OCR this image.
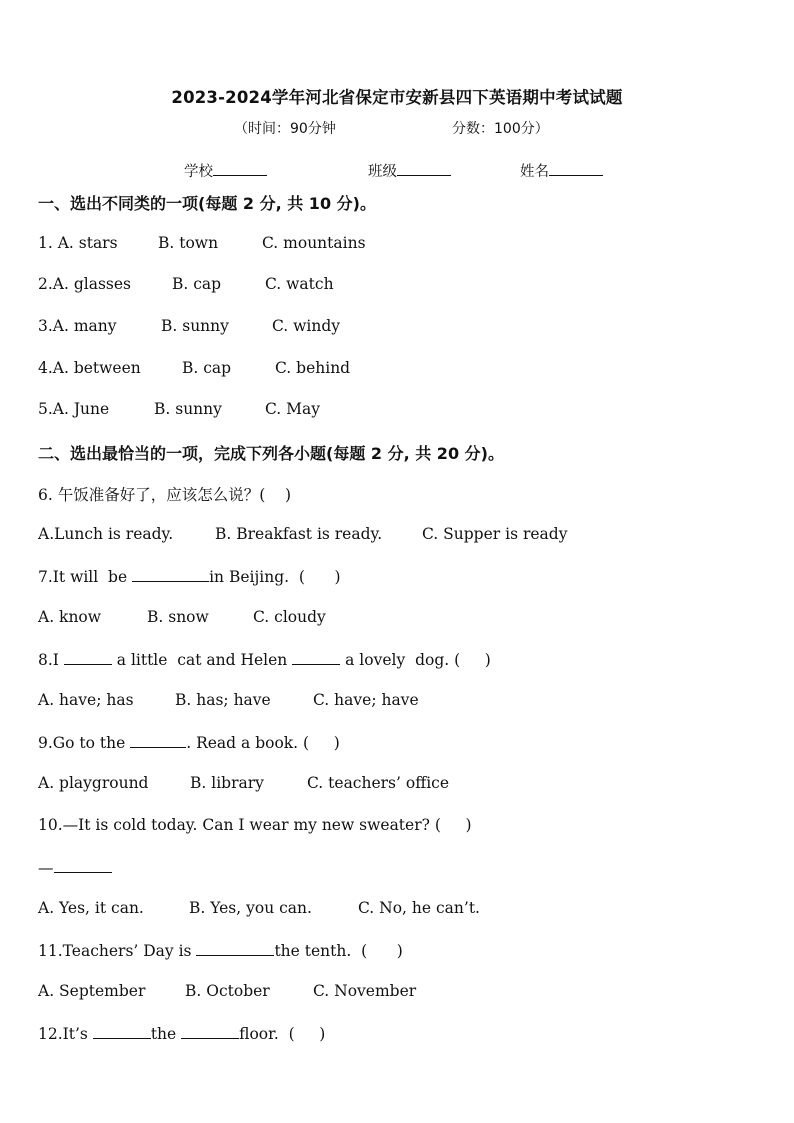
2023-2024学年河北省保定市安新县四下英语期中考试试题
（时间：90分钟	分数：100分）
学校	班级	姓名
一、选出不同类的一项(每题 2 分, 共 10 分)。
1. A. stars	B. town	C. mountains
2.A. glasses	B. cap	C. watch
3.A. many	B. sunny	C. windy
4.A. between	B. cap	C. behind
5.A. June	B. sunny	C. May
二、选出最恰当的一项，完成下列各小题(每题 2 分, 共 20 分)。
6. 午饭准备好了，应该怎么说？(    )
A.Lunch is ready.	B. Breakfast is ready.	C. Supper is ready
7.It will  be	in Beijing.  (      )
A. know	B. snow	C. cloudy
8.I	a little  cat and Helen	a lovely  dog. (     )
A. have; has	B. has; have	C. have; have
9.Go to the	. Read a book. (     )
A. playground	B. library	C. teachers’ office
10.—It is cold today. Can I wear my new sweater? (     )
—
A. Yes, it can.	B. Yes, you can.	C. No, he can’t.
11.Teachers’ Day is	the tenth.  (      )
A. September	B. October	C. November
12.It’s	the	floor.  (     )
